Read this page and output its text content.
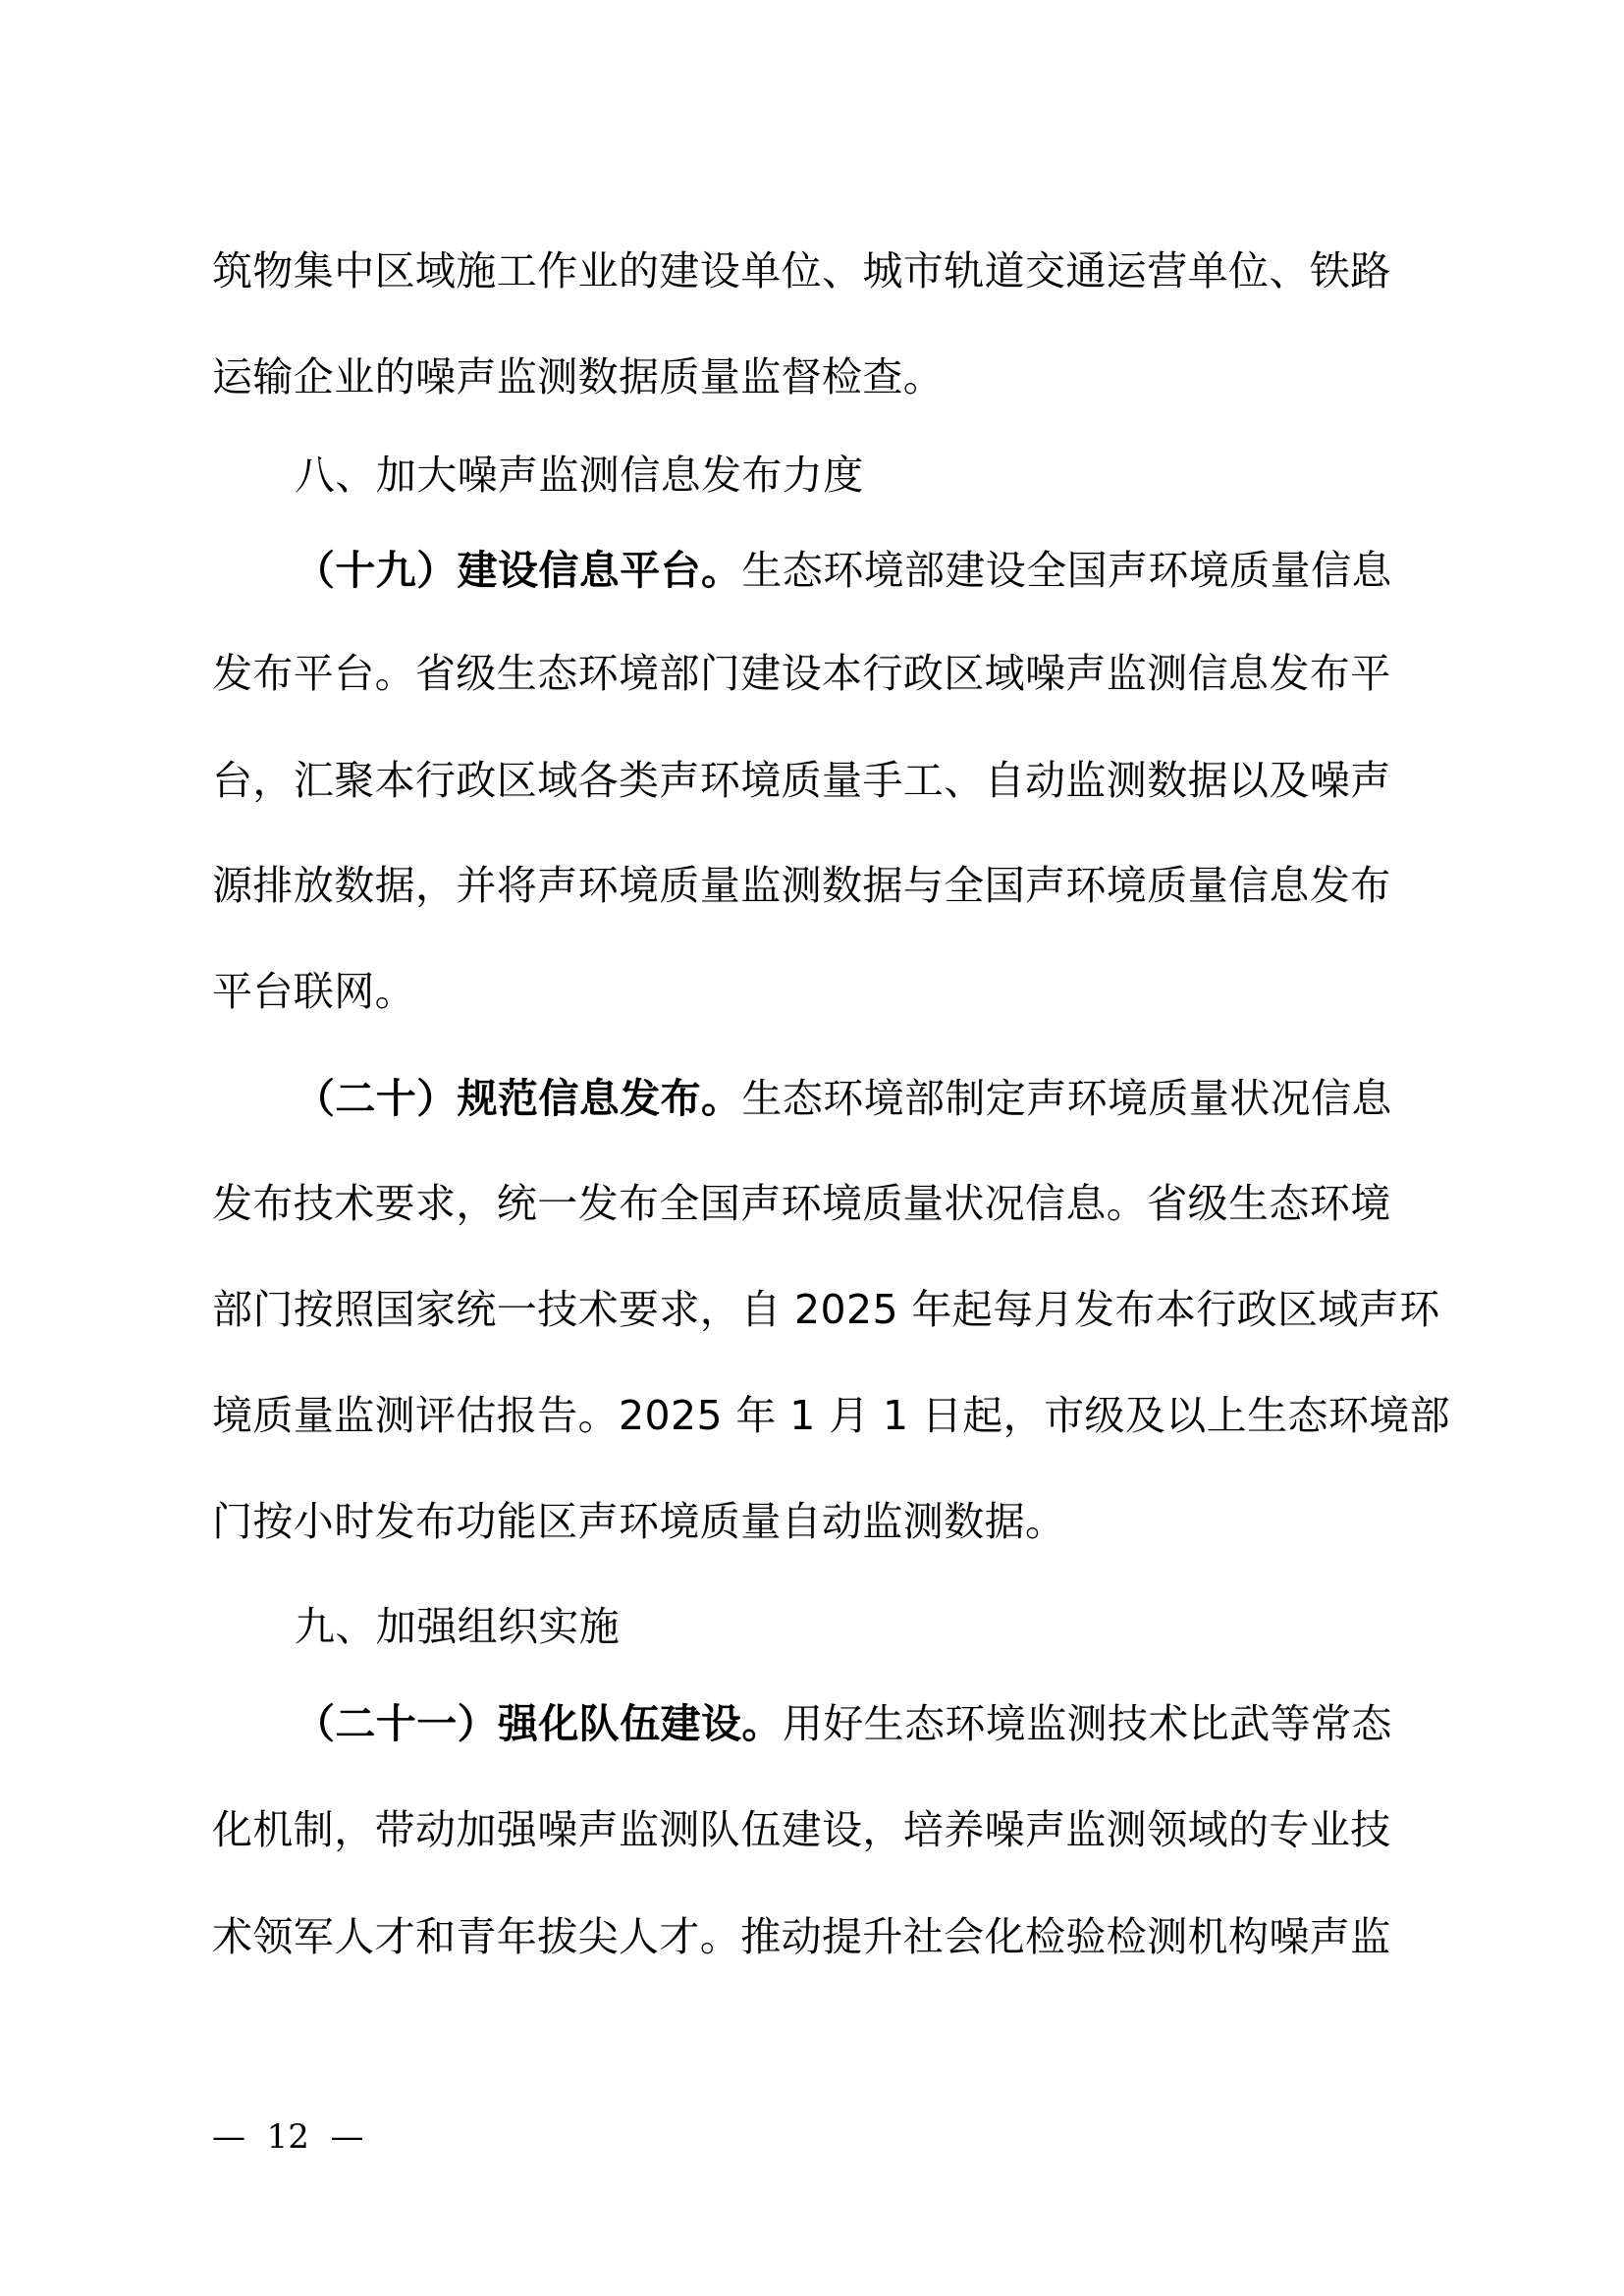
筑物集中区域施工作业的建设单位、城市轨道交通运营单位、铁路
运输企业的噪声监测数据质量监督检查。
八、加大噪声监测信息发布力度
（十九）建设信息平台。生态环境部建设全国声环境质量信息
发布平台。省级生态环境部门建设本行政区域噪声监测信息发布平
台，汇聚本行政区域各类声环境质量手工、自动监测数据以及噪声
源排放数据，并将声环境质量监测数据与全国声环境质量信息发布
平台联网。
（二十）规范信息发布。生态环境部制定声环境质量状况信息
发布技术要求，统一发布全国声环境质量状况信息。省级生态环境
部门按照国家统一技术要求，自 2025 年起每月发布本行政区域声环
境质量监测评估报告。2025 年 1 月 1 日起，市级及以上生态环境部
门按小时发布功能区声环境质量自动监测数据。
九、加强组织实施
（二十一）强化队伍建设。用好生态环境监测技术比武等常态
化机制，带动加强噪声监测队伍建设，培养噪声监测领域的专业技
术领军人才和青年拔尖人才。推动提升社会化检验检测机构噪声监
—  12  —
